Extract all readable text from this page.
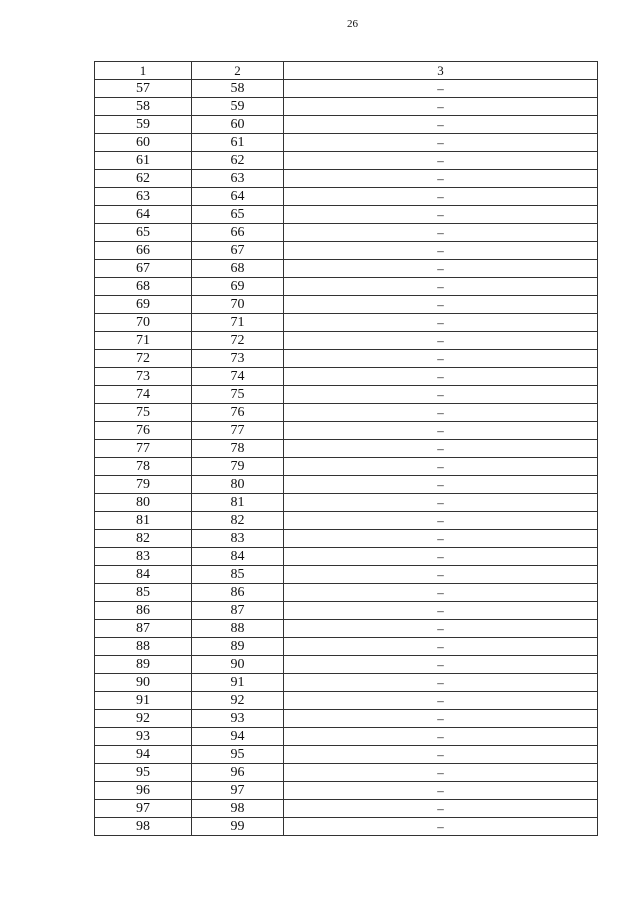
26
1	2	3
57	58	–
58	59	–
59	60	–
60	61	–
61	62	–
62	63	–
63	64	–
64	65	–
65	66	–
66	67	–
67	68	–
68	69	–
69	70	–
70	71	–
71	72	–
72	73	–
73	74	–
74	75	–
75	76	–
76	77	–
77	78	–
78	79	–
79	80	–
80	81	–
81	82	–
82	83	–
83	84	–
84	85	–
85	86	–
86	87	–
87	88	–
88	89	–
89	90	–
90	91	–
91	92	–
92	93	–
93	94	–
94	95	–
95	96	–
96	97	–
97	98	–
98	99	–
